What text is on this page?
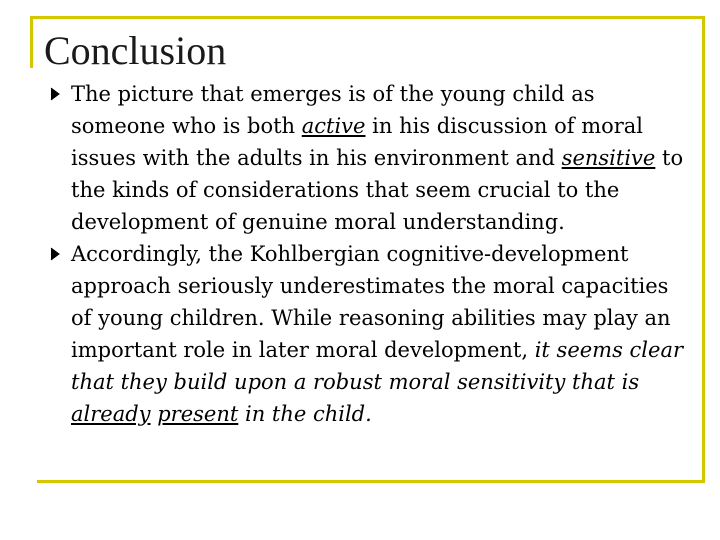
Conclusion
The picture that emerges is of the young child as someone who is both active in his discussion of moral issues with the adults in his environment and sensitive to the kinds of considerations that seem crucial to the development of genuine moral understanding.
Accordingly, the Kohlbergian cognitive-development approach seriously underestimates the moral capacities of young children. While reasoning abilities may play an important role in later moral development, it seems clear that they build upon a robust moral sensitivity that is already present in the child.
